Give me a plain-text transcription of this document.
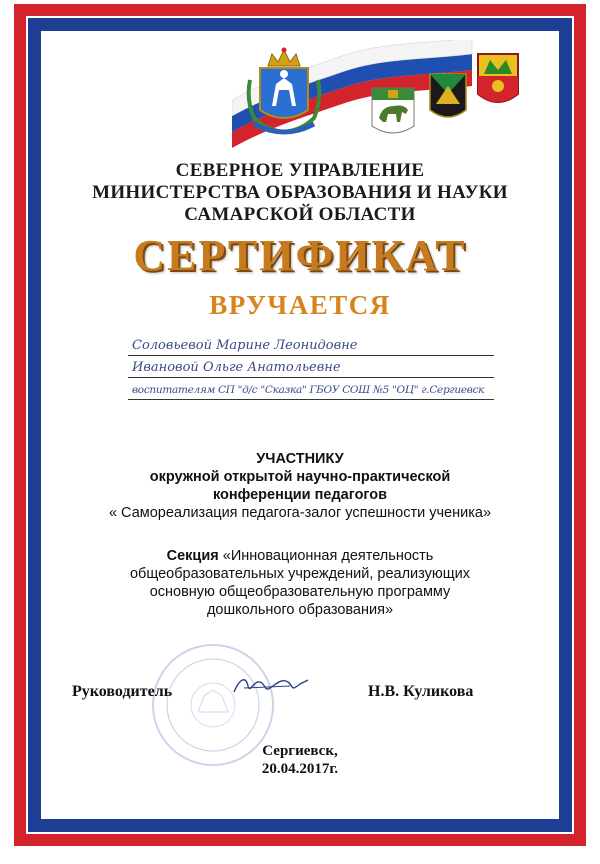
СЕВЕРНОЕ УПРАВЛЕНИЕ
МИНИСТЕРСТВА ОБРАЗОВАНИЯ И НАУКИ
САМАРСКОЙ ОБЛАСТИ
СЕРТИФИКАТ
ВРУЧАЕТСЯ
Соловьевой Марине Леонидовне
Ивановой Ольге Анатольевне
воспитателям СП "д/с "Сказка" ГБОУ СОШ №5 "ОЦ" г.Сергиевск
УЧАСТНИКУ
окружной открытой научно-практической
конференции педагогов
« Самореализация педагога-залог успешности ученика»
Секция «Инновационная деятельность
общеобразовательных учреждений, реализующих
основную общеобразовательную программу
дошкольного образования»
Руководитель	Н.В. Куликова
Сергиевск,
20.04.2017г.
